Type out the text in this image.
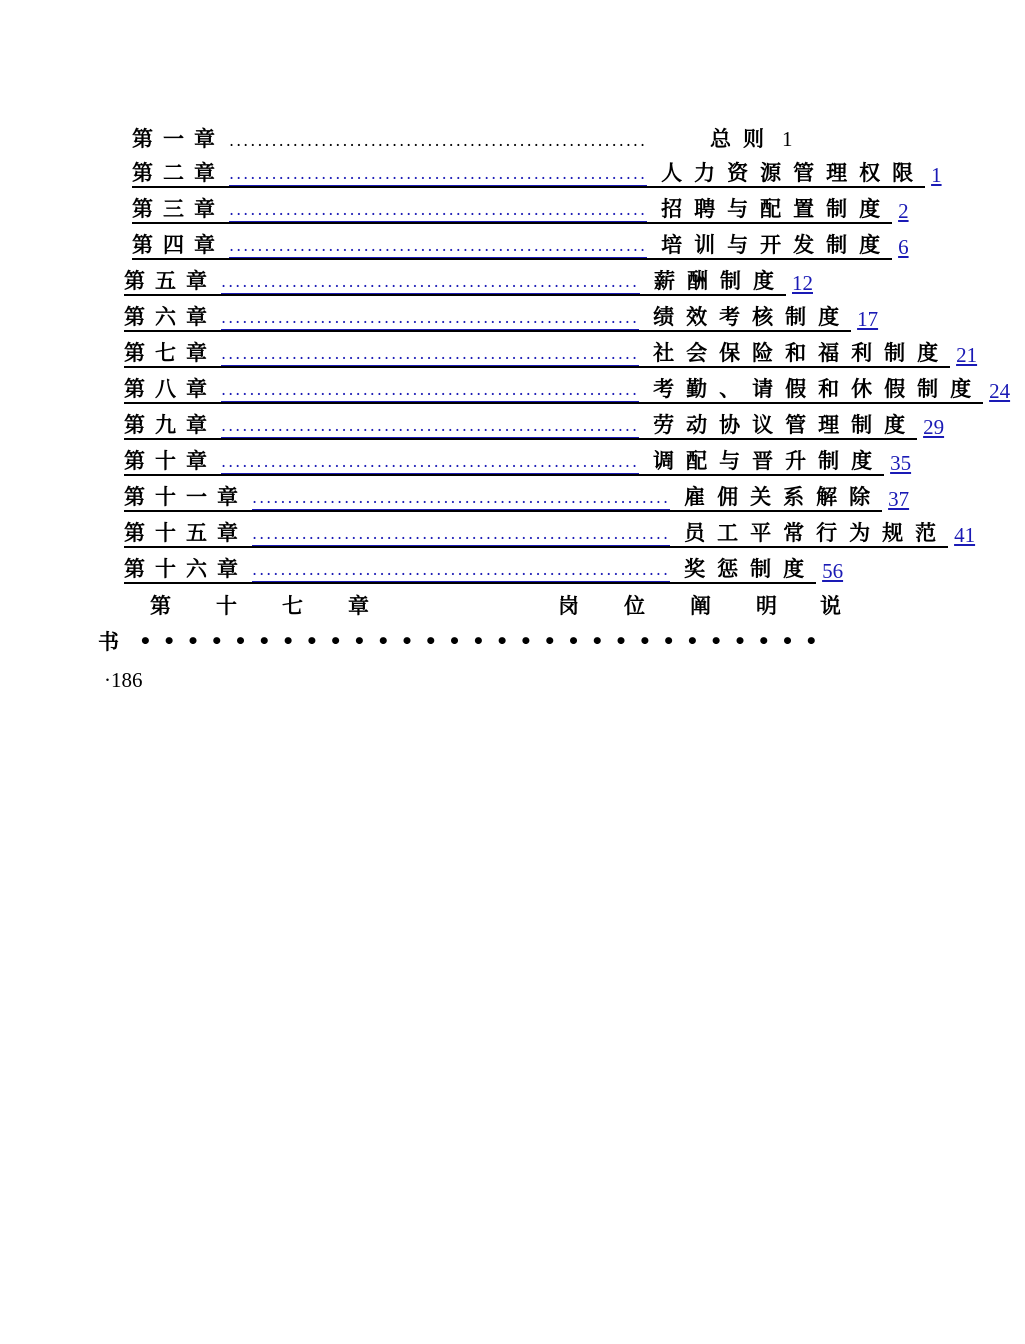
第一章 ...........................................................	总则 1
第二章 ........................................................... 人力资源管理权限 1
第三章 ........................................................... 招聘与配置制度 2
第四章 ........................................................... 培训与开发制度 6
第五章 ........................................................... 薪酬制度 12
第六章 ........................................................... 绩效考核制度 17
第七章 ........................................................... 社会保险和福利制度 21
第八章 ........................................................... 考勤、请假和休假制度 24
第九章 ........................................................... 劳动协议管理制度 29
第十章 ........................................................... 调配与晋升制度 35
第十一章 ........................................................... 雇佣关系解除 37
第十五章 ........................................................... 员工平常行为规范 41
第十六章 ........................................................... 奖惩制度 56
第 十 七 章	岗 位 阐 明 说
书 •••••••••••••••••••••••••••••
·186
